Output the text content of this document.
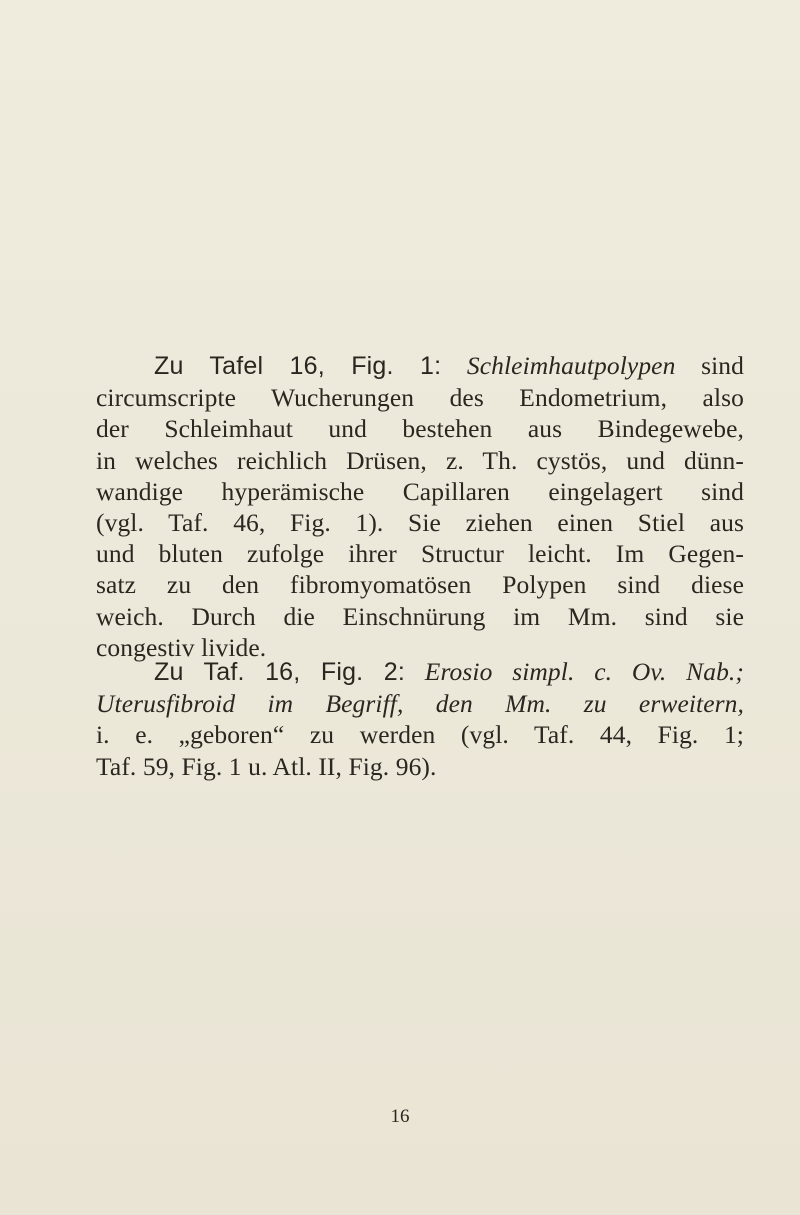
Zu Tafel 16, Fig. 1: Schleimhautpolypen sind
circumscripte Wucherungen des Endometrium, also
der Schleimhaut und bestehen aus Bindegewebe,
in welches reichlich Drüsen, z. Th. cystös, und dünn-
wandige hyperämische Capillaren eingelagert sind
(vgl. Taf. 46, Fig. 1). Sie ziehen einen Stiel aus
und bluten zufolge ihrer Structur leicht. Im Gegen-
satz zu den fibromyomatösen Polypen sind diese
weich. Durch die Einschnürung im Mm. sind sie
congestiv livide.
Zu Taf. 16, Fig. 2: Erosio simpl. c. Ov. Nab.;
Uterusfibroid im Begriff, den Mm. zu erweitern,
i. e. „geboren“ zu werden (vgl. Taf. 44, Fig. 1;
Taf. 59, Fig. 1 u. Atl. II, Fig. 96).

16
